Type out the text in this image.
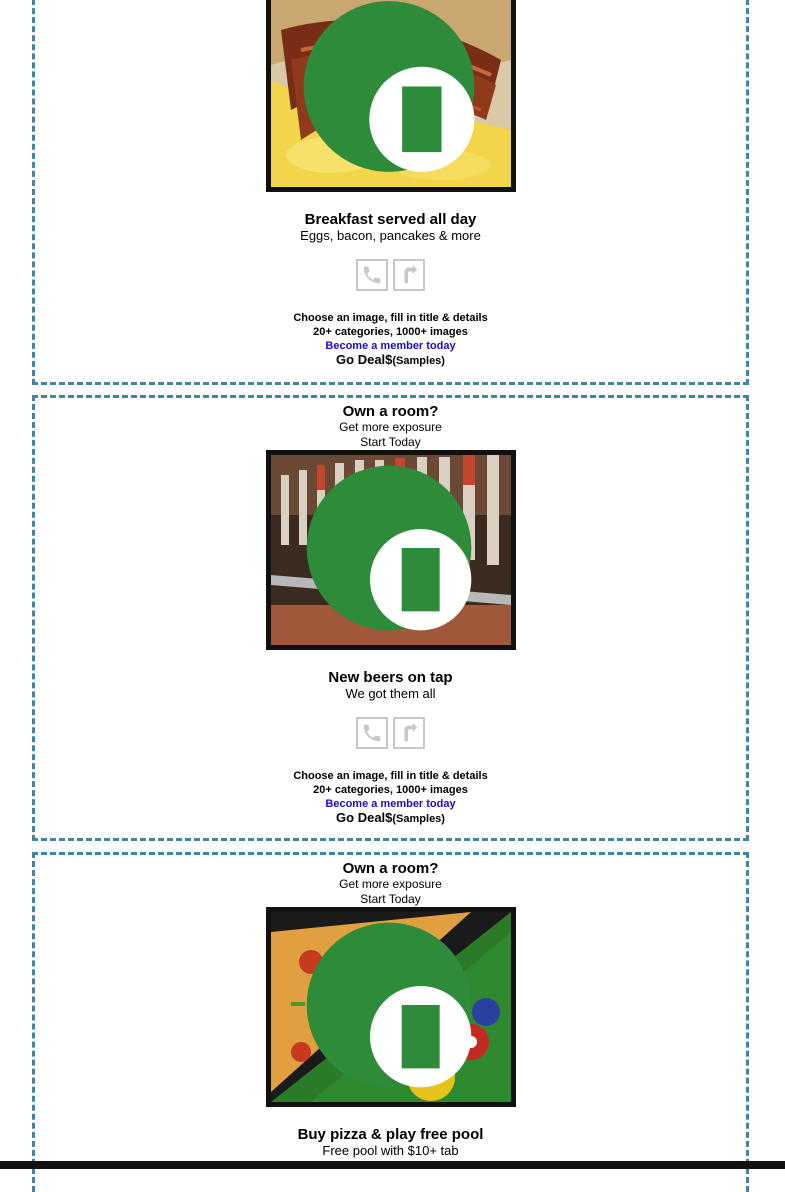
Breakfast served all day
Eggs, bacon, pancakes & more
Choose an image, fill in title & details
20+ categories, 1000+ images
Become a member today
Go Deal$(Samples)
Own a room?
Get more exposure
Start Today
New beers on tap
We got them all
Choose an image, fill in title & details
20+ categories, 1000+ images
Become a member today
Go Deal$(Samples)
Own a room?
Get more exposure
Start Today
Buy pizza & play free pool
Free pool with $10+ tab
